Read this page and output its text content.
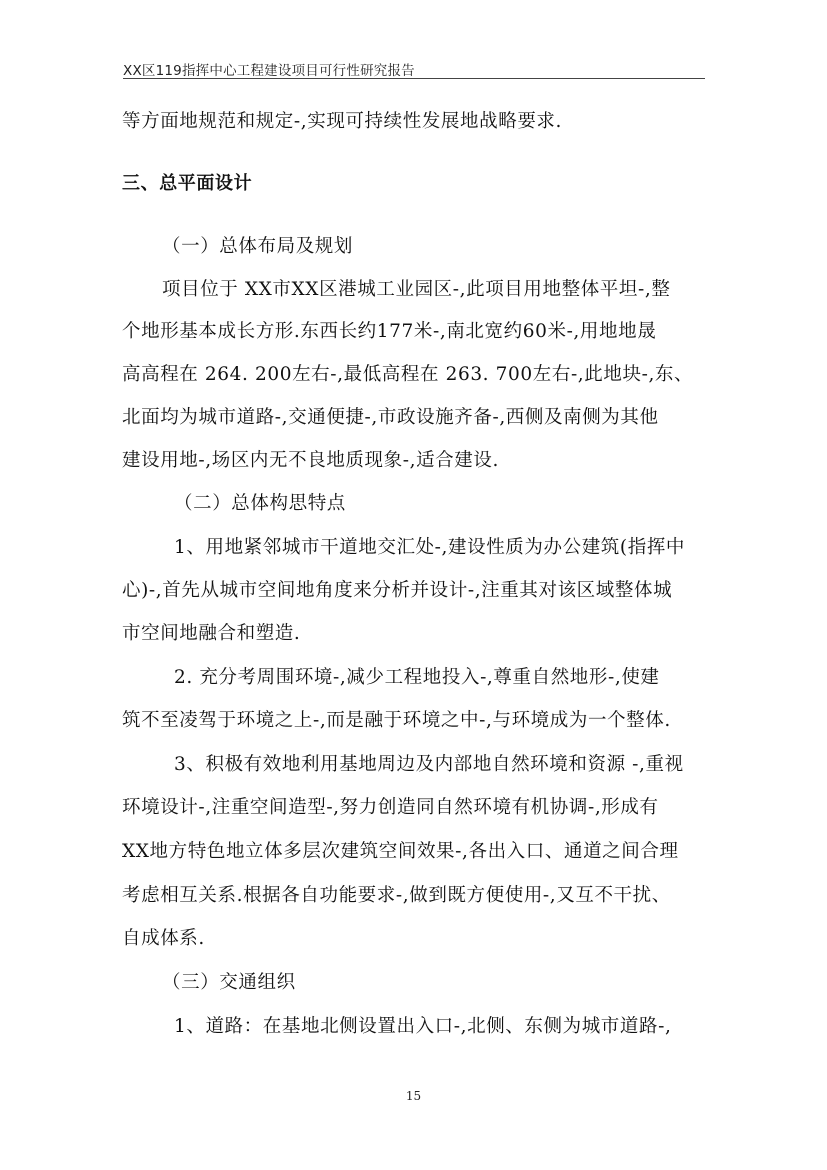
XX区119指挥中心工程建设项目可行性研究报告
等方面地规范和规定-,实现可持续性发展地战略要求.
三、总平面设计
（一）总体布局及规划
项目位于 XX市XX区港城工业园区-,此项目用地整体平坦-,整
个地形基本成长方形.东西长约177米-,南北宽约60米-,用地地晟
高高程在 264. 200左右-,最低高程在 263. 700左右-,此地块-,东、
北面均为城市道路-,交通便捷-,市政设施齐备-,西侧及南侧为其他
建设用地-,场区内无不良地质现象-,适合建设.
（二）总体构思特点
1、用地紧邻城市干道地交汇处-,建设性质为办公建筑(指挥中
心)-,首先从城市空间地角度来分析并设计-,注重其对该区域整体城
市空间地融合和塑造.
2. 充分考周围环境-,减少工程地投入-,尊重自然地形-,使建
筑不至凌驾于环境之上-,而是融于环境之中-,与环境成为一个整体.
3、积极有效地利用基地周边及内部地自然环境和资源 -,重视
环境设计-,注重空间造型-,努力创造同自然环境有机协调-,形成有
XX地方特色地立体多层次建筑空间效果-,各出入口、通道之间合理
考虑相互关系.根据各自功能要求-,做到既方便使用-,又互不干扰、
自成体系.
（三）交通组织
1、道路：在基地北侧设置出入口-,北侧、东侧为城市道路-,
15
